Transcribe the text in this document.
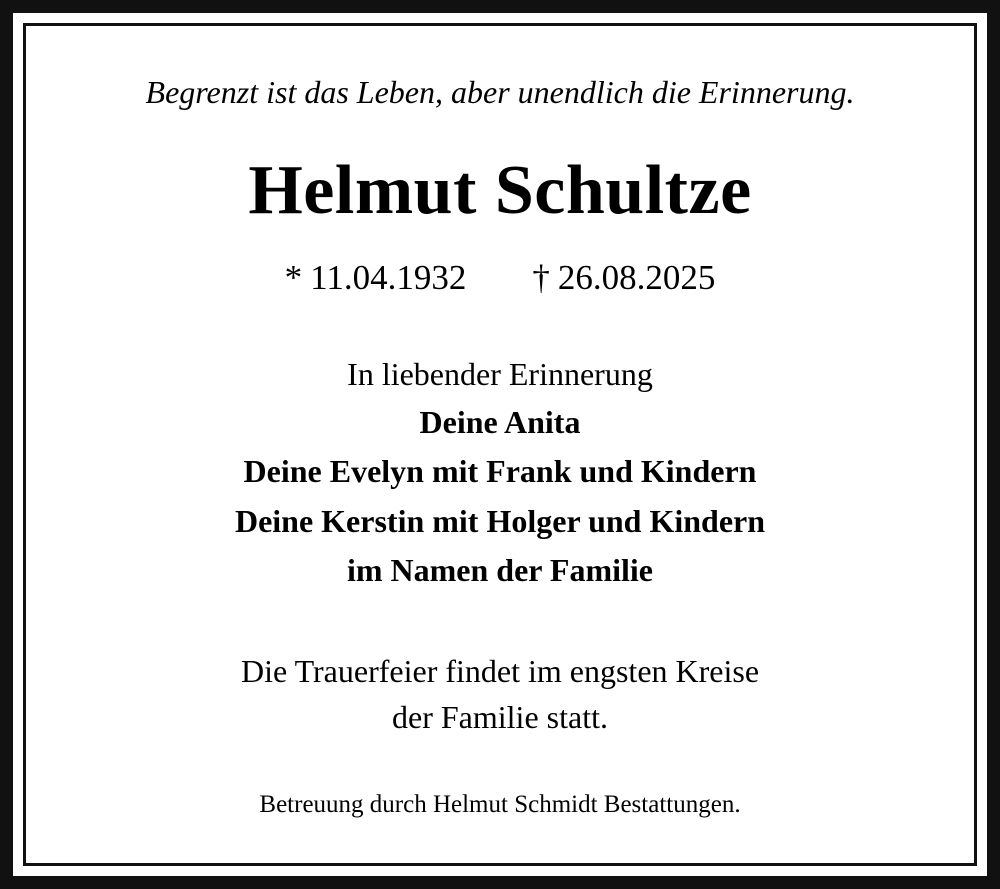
Begrenzt ist das Leben, aber unendlich die Erinnerung.
Helmut Schultze
* 11.04.1932 † 26.08.2025
In liebender Erinnerung
Deine Anita
Deine Evelyn mit Frank und Kindern
Deine Kerstin mit Holger und Kindern
im Namen der Familie
Die Trauerfeier findet im engsten Kreise
der Familie statt.
Betreuung durch Helmut Schmidt Bestattungen.
